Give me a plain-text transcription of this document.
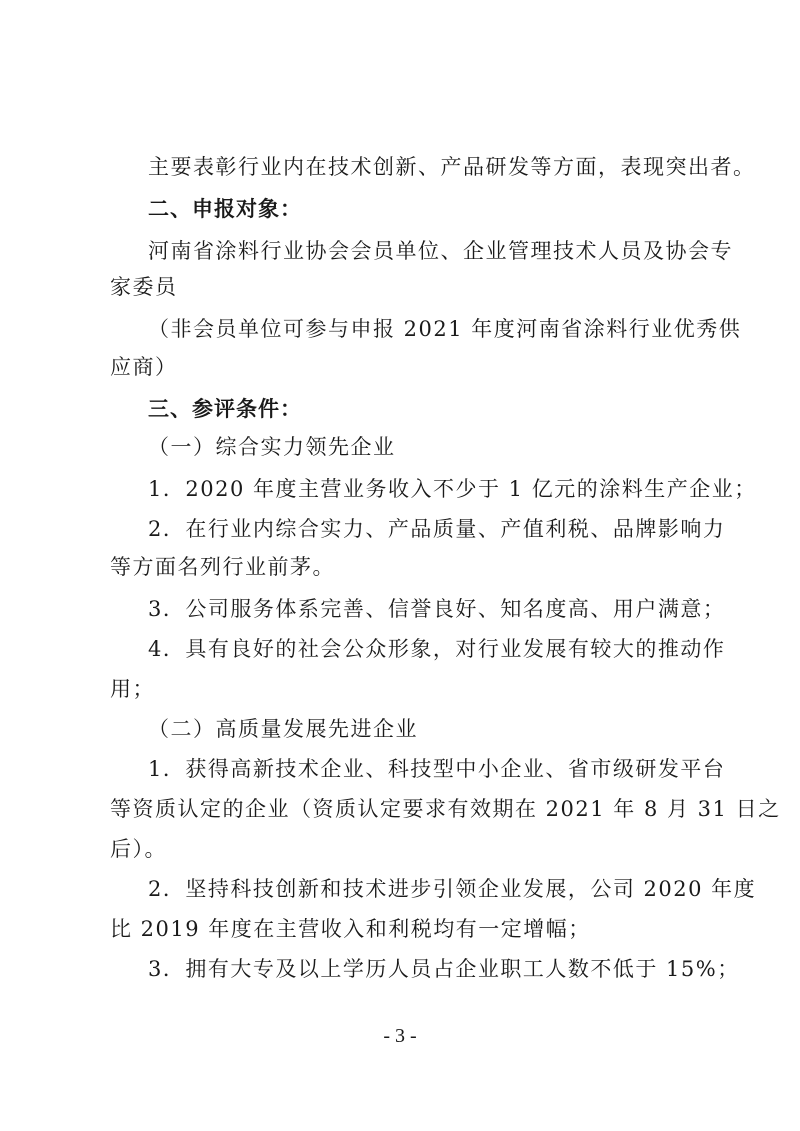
主要表彰行业内在技术创新、产品研发等方面，表现突出者。
二、申报对象：
河南省涂料行业协会会员单位、企业管理技术人员及协会专
家委员
（非会员单位可参与申报 2021 年度河南省涂料行业优秀供
应商）
三、参评条件：
（一）综合实力领先企业
1．2020 年度主营业务收入不少于 1 亿元的涂料生产企业；
2．在行业内综合实力、产品质量、产值利税、品牌影响力
等方面名列行业前茅。
3．公司服务体系完善、信誉良好、知名度高、用户满意；
4．具有良好的社会公众形象，对行业发展有较大的推动作
用；
（二）高质量发展先进企业
1．获得高新技术企业、科技型中小企业、省市级研发平台
等资质认定的企业（资质认定要求有效期在 2021 年 8 月 31 日之
后）。
2．坚持科技创新和技术进步引领企业发展，公司 2020 年度
比 2019 年度在主营收入和利税均有一定增幅；
3．拥有大专及以上学历人员占企业职工人数不低于 15%；
- 3 -
